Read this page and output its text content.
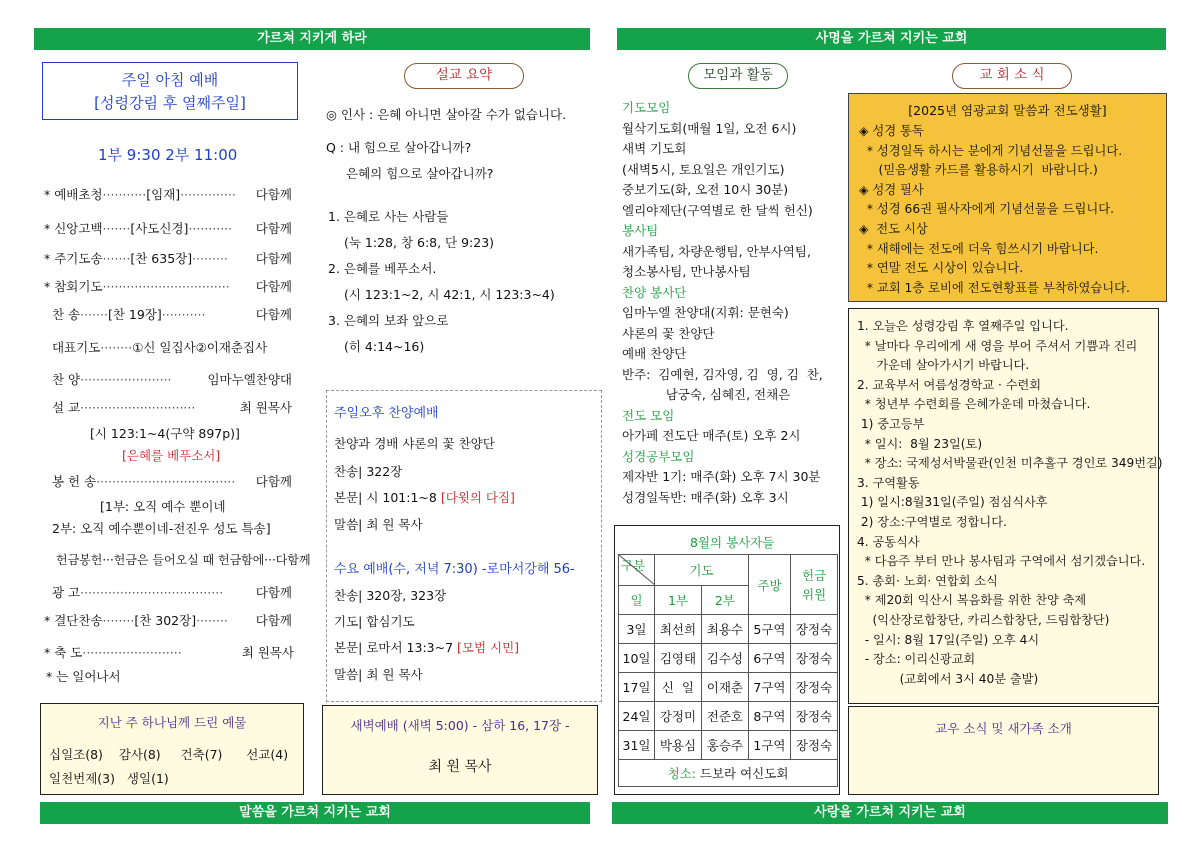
가르쳐 지키게 하라	사명을 가르쳐 지키는 교회
말씀을 가르쳐 지키는 교회	사랑을 가르쳐 지키는 교회
주일 아침 예배
[성령강림 후 열째주일]
1부 9:30 2부 11:00
* 예배초청···········[임재]·············· 다함께
* 신앙고백·······[사도신경]··········· 다함께
* 주기도송·······[찬 635장]········· 다함께
* 참회기도································ 다함께
찬 송·······[찬 19장]···········	다함께
대표기도········①신 일집사②이재춘집사
찬 양·······················	임마누엘찬양대
설 교·····························	최 원목사
[시 123:1~4(구약 897p)]
[은혜를 베푸소서]
봉 헌 송··································· 다함께
[1부: 오직 예수 뿐이네
2부: 오직 예수뿐이네-전진우 성도 특송]
헌금봉헌···헌금은 들어오실 때 헌금함에···다함께
광 고····································	다함께
* 결단찬송········[찬 302장]········ 다함께
* 축 도·························	최 원목사
* 는 일어나서
지난 주 하나님께 드린 예물
십일조(8)    감사(8)     건축(7)      선교(4)
일천번제(3)   생일(1)
설교 요약
◎ 인사 : 은혜 아니면 살아갈 수가 없습니다.
Q : 내 힘으로 살아갑니까?
은혜의 힘으로 살아갑니까?
1. 은혜로 사는 사람들
(눅 1:28, 창 6:8, 단 9:23)
2. 은혜를 베푸소서.
(시 123:1~2, 시 42:1, 시 123:3~4)
3. 은혜의 보좌 앞으로
(히 4:14~16)
주일오후 찬양예배
찬양과 경배 샤론의 꽃 찬양단
찬송| 322장
본문| 시 101:1~8 [다윗의 다짐]
말씀| 최 원 목사
수요 예배(수, 저녁 7:30) -로마서강해 56-
찬송| 320장, 323장
기도| 합심기도
본문| 로마서 13:3~7 [모범 시민]
말씀| 최 원 목사
새벽예배 (새벽 5:00) - 삼하 16, 17장 -
최 원 목사
모임과 활동
기도모임
월삭기도회(매월 1일, 오전 6시)
새벽 기도회
(새벽5시, 토요일은 개인기도)
중보기도(화, 오전 10시 30분)
엘리야제단(구역별로 한 달씩 헌신)
봉사팀
새가족팀, 차량운행팀, 안부사역팀,
청소봉사팀, 만나봉사팀
찬양 봉사단
임마누엘 찬양대(지휘: 문현숙)
샤론의 꽃 찬양단
예배 찬양단
반주:  김예현, 김자영, 김  영, 김  찬,
남궁숙, 심혜진, 전채은
전도 모임
아가페 전도단 매주(토) 오후 2시
성경공부모임
제자반 1기: 매주(화) 오후 7시 30분
성경일독반: 매주(화) 오후 3시
8월의 봉사자들
구분	기도		주방	헌금
위원
일	1부	2부		
3일	최선희	최용수	5구역	장정숙
10일	김영태	김수성	6구역	장정숙
17일	신  일	이재춘	7구역	장정숙
24일	강정미	전준호	8구역	장정숙
31일	박용심	홍승주	1구역	장정숙
청소: 드보라 여신도회				
교 회 소 식
[2025년 염광교회 말씀과 전도생활]
◈ 성경 통독
* 성경일독 하시는 분에게 기념선물을 드립니다.
(믿음생활 카드를 활용하시기  바랍니다.)
◈ 성경 필사
* 성경 66권 필사자에게 기념선물을 드립니다.
◈  전도 시상
* 새해에는 전도에 더욱 힘쓰시기 바랍니다.
* 연말 전도 시상이 있습니다.
* 교회 1층 로비에 전도현황표를 부착하였습니다.
1. 오늘은 성령강림 후 열째주일 입니다.
* 날마다 우리에게 새 영을 부어 주셔서 기쁨과 진리
가운데 살아가시기 바랍니다.
2. 교육부서 여름성경학교 · 수련회
* 청년부 수련회를 은혜가운데 마쳤습니다.
1) 중고등부
* 일시:  8월 23일(토)
* 장소: 국제성서박물관(인천 미추홀구 경인로 349번길)
3. 구역활동
1) 일시:8월31일(주일) 점심식사후
2) 장소:구역별로 정합니다.
4. 공동식사
* 다음주 부터 만나 봉사팀과 구역에서 섬기겠습니다.
5. 총회· 노회· 연합회 소식
* 제20회 익산시 복음화를 위한 찬양 축제
(익산장로합창단, 카리스합창단, 드림합창단)
- 일시: 8월 17일(주일) 오후 4시
- 장소: 이리신광교회
(교회에서 3시 40분 출발)
교우 소식 및 새가족 소개
